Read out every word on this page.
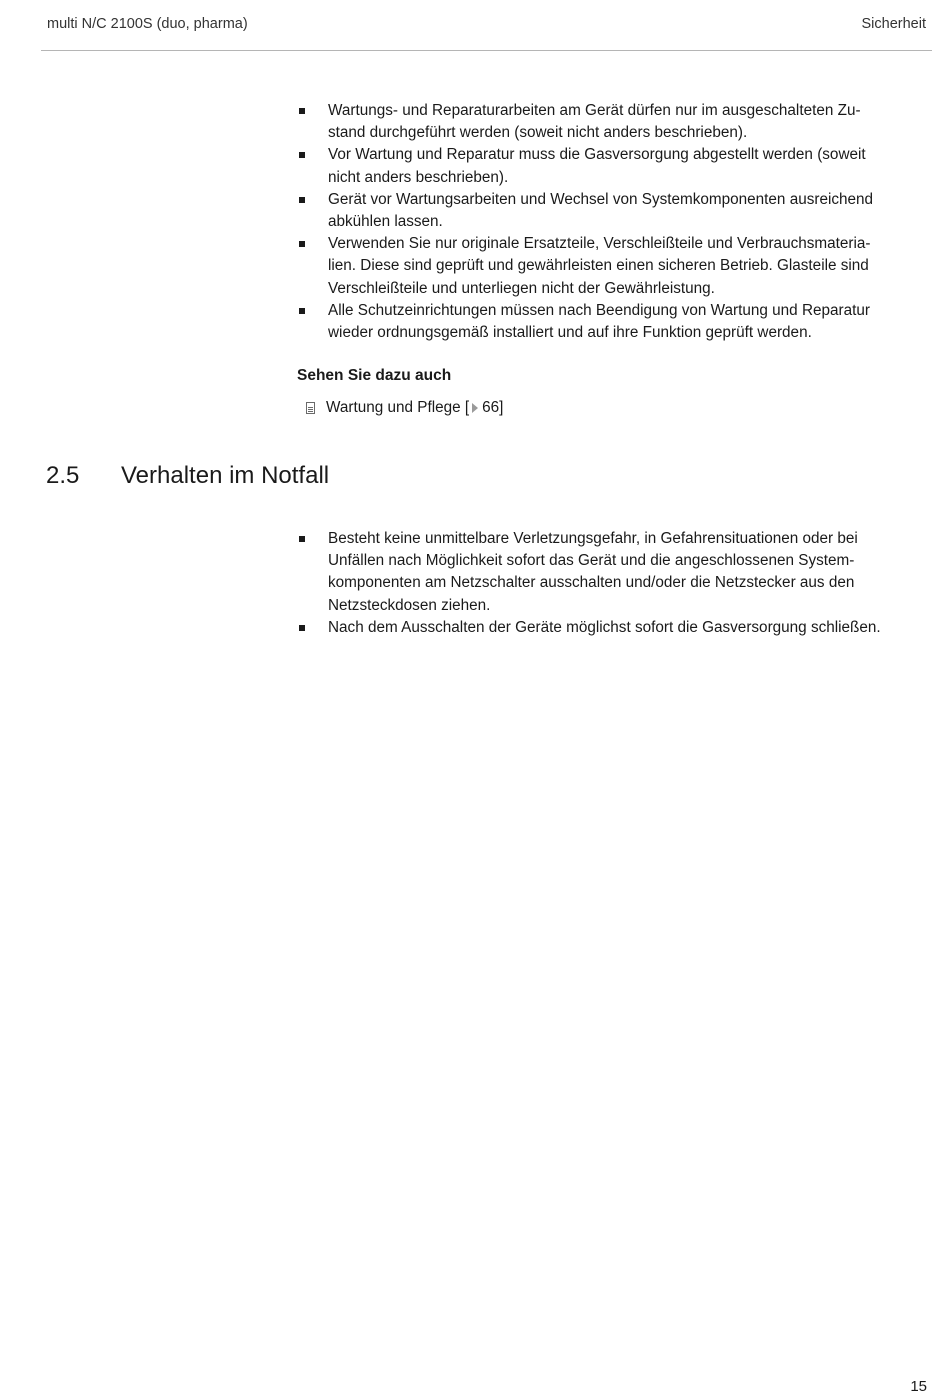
multi N/C 2100S (duo, pharma)	Sicherheit
Wartungs- und Reparaturarbeiten am Gerät dürfen nur im ausgeschalteten Zu-
stand durchgeführt werden (soweit nicht anders beschrieben).
Vor Wartung und Reparatur muss die Gasversorgung abgestellt werden (soweit
nicht anders beschrieben).
Gerät vor Wartungsarbeiten und Wechsel von Systemkomponenten ausreichend
abkühlen lassen.
Verwenden Sie nur originale Ersatzteile, Verschleißteile und Verbrauchsmateria-
lien. Diese sind geprüft und gewährleisten einen sicheren Betrieb. Glasteile sind
Verschleißteile und unterliegen nicht der Gewährleistung.
Alle Schutzeinrichtungen müssen nach Beendigung von Wartung und Reparatur
wieder ordnungsgemäß installiert und auf ihre Funktion geprüft werden.
Sehen Sie dazu auch
Wartung und Pflege [ 66]
2.5 Verhalten im Notfall
Besteht keine unmittelbare Verletzungsgefahr, in Gefahrensituationen oder bei
Unfällen nach Möglichkeit sofort das Gerät und die angeschlossenen System-
komponenten am Netzschalter ausschalten und/oder die Netzstecker aus den
Netzsteckdosen ziehen.
Nach dem Ausschalten der Geräte möglichst sofort die Gasversorgung schließen.
15
